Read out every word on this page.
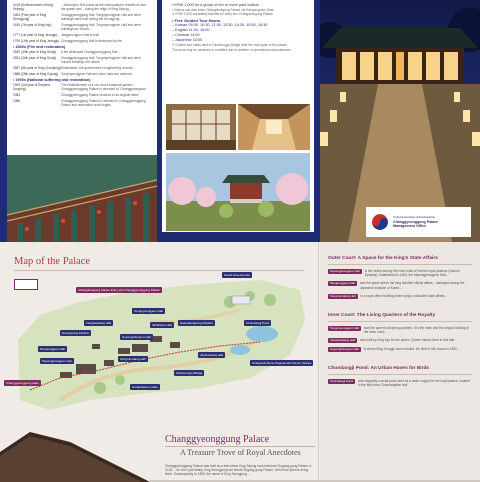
1418 (Enthronement of King Sejong)
...Jewoojeon Hall (used as the main palace's residence) and the queen and ...during the reign of King Sejong...
1484 (First year of King Seongjong)
Changgyeonggung Hall, Tongmyeongjeon Hall and other buildings were built during the Seongjong...
1620 (7th year of King Injo)	Changgyeonggung Hall, Tongmyeongjeon Hall and other buildings are rebuilt ...
1777 (1st year of King Jeongjo)	Jaegyeongjeon Hall is built
1790 (14th year of King Jeongjo) Changgyeonggung Hall is destroyed by fire
• 1800s (Fire and restoration)
1830 (30th year of King Sunjo)	A fire destroyed Changgyeonggung Hall ...
1834 (34th year of King Sunjo)	Changgyeonggung Hall, Tongmyeongjeon Hall and other burned buildings are rebuilt
1857 (8th year of King Cheoljong) Restoration; the government's engineering records...
1888 (25th year of King Gojong) Tongmyeongjeon Hall and other halls are restored
• 1900s (National suffering and restoration)
1909 (3rd year of Emperor Sunjong)
The establishment of a zoo and a botanical garden; Changgyeonggung Palace is demoted to 'Changgyeongwon'
1983	Changgyeonggung Palace restored to its original name
1986	Changgyeonggung Palace is restored to Changgyeonggung Palace and restoration work begins
• KRW 1,000 for a group of ten or more paid visitors
• Visitors can also enter Changdeokgung Palace via Hamyangmun Gate
※ KRW 1,000 separately ticketed for entry into Changdeokgung Palace
• Free Guided Tour Hours
– Korean 09:30, 10:30, 11:30, 13:30, 14:30, 15:30, 16:30
– English 11:00, 15:00
– Chinese 14:00
– Japanese 10:00
※ Guided tour starts next to Okcheongyo Bridge near the main gate of the palace.
The tours may be canceled or modified due to weather or operational circumstances.
Cultural Heritage Administration
Changgyeonggung Palace
Management Office
Map of the Palace
Changdeokgung Palace Entry and Changgyeonggung Palace
Grand Greenhouse
Tongmyeongjeon Hall
Yanghwadang Hall	Jibokheon Hall
Haminjeong Pavilion
Gyeongchunjeon Hall
Munjeongjeon Hall
Sungmundang Hall
Myeongjeongjeon Hall
Okcheongyo Bridge
Honghwamun Gate
Chundangji Pond
Gwandeokjeong Pavilion
Octagonal Stone Pagoda with Seven Stories
Jipchundang Hall
Changgyeonggung Gate
Changgyeonggung Palace
A Treasure Trove of Royal Anecdotes
Changgyeonggung Palace was built as a site where King Sejong had enshrined Sugang-gung Palace in 1418, ...for the royal family. King Seongjong had rebuilt Sugang-gung Palace, with three queens living there. Subsequently in 1483, the name of King Seongjong ...
Outer Court: A Space for the King's State Affairs
Myeongjeongjeon Hall	is the oldest among the main halls of Korean royal palaces (Joseon Dynasty). Established in 1483, the Myeongjeongjeon Hall...
Munjeongjeon Hall	was the place where the king handled official affairs... damaged during the Japanese invasion of Korea ...
Sungmundang Hall	is a royal office building where kings conducted state affairs...
Inner Court: The Living Quarters of the Royalty
Tongmyeongjeon Hall	was the queen's sleeping quarters. It is the main and the largest building in the inner court...
Yanghwadang Hall	was built by King Injo for the queen. Queen Inseon lived in this hall...
Gyeongchunjeon Hall	is where King Jeongjo once resided. He died in this house in 1800...
Chundangji Pond: An Urban Haven for Birds
Chundangji Pond	was originally a small pond used as a water supply for the royal palace, located in the field near Chundangdae Hall...
